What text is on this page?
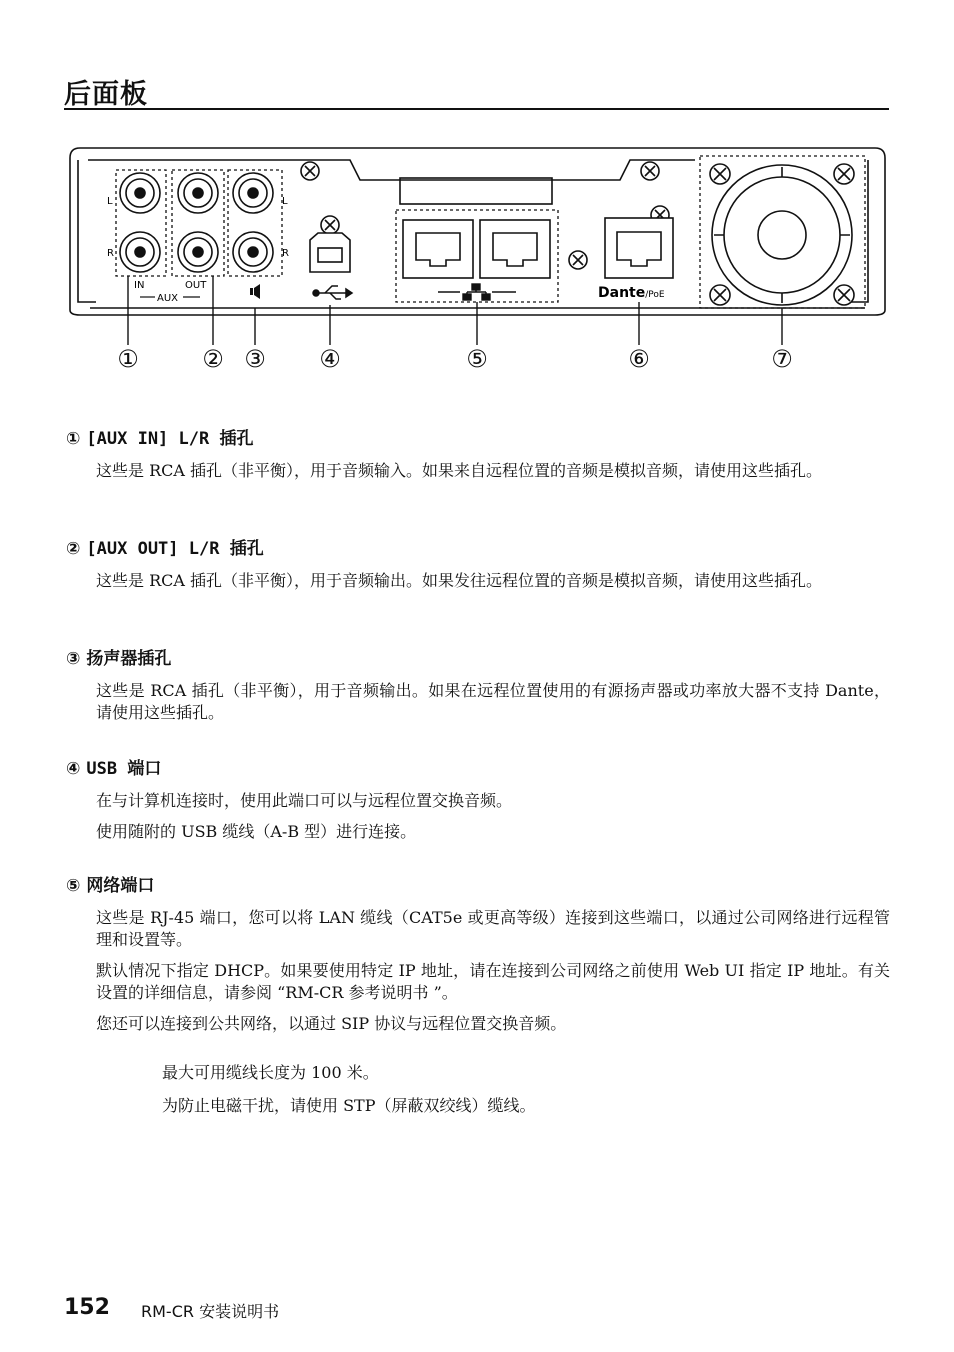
后面板
L
R
L
R
IN	OUT
AUX	Dante/PoE
①	② ③ ④	⑤	⑥	⑦
① [AUX IN] L/R 插孔

这些是 RCA 插孔（非平衡），用于音频输入。如果来自远程位置的音频是模拟音频，请使用这些插孔。

② [AUX OUT] L/R 插孔

这些是 RCA 插孔（非平衡），用于音频输出。如果发往远程位置的音频是模拟音频，请使用这些插孔。

③ 扬声器插孔

这些是 RCA 插孔（非平衡），用于音频输出。如果在远程位置使用的有源扬声器或功率放大器不支持 Dante，请使用这些插孔。

④ USB 端口

在与计算机连接时，使用此端口可以与远程位置交换音频。

使用随附的 USB 缆线（A-B 型）进行连接。

⑤ 网络端口

这些是 RJ-45 端口，您可以将 LAN 缆线（CAT5e 或更高等级）连接到这些端口，以通过公司网络进行远程管理和设置等。

默认情况下指定 DHCP。如果要使用特定 IP 地址，请在连接到公司网络之前使用 Web UI 指定 IP 地址。有关设置的详细信息，请参阅 “RM-CR 参考说明书 ”。

您还可以连接到公共网络，以通过 SIP 协议与远程位置交换音频。

最大可用缆线长度为 100 米。
为防止电磁干扰，请使用 STP（屏蔽双绞线）缆线。
152 RM-CR 安装说明书
